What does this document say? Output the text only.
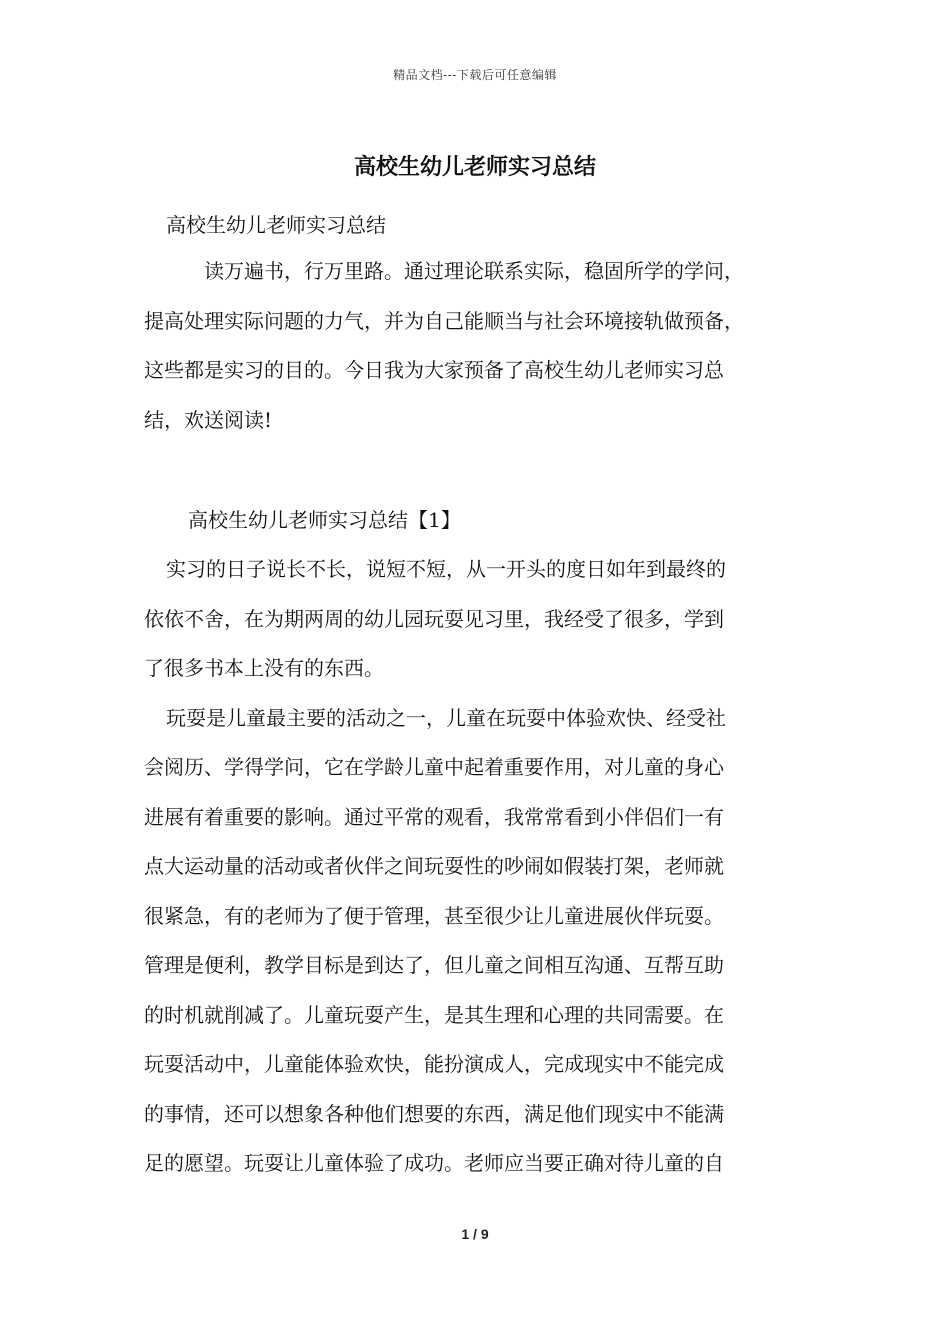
精品文档---下载后可任意编辑
高校生幼儿老师实习总结
高校生幼儿老师实习总结
读万遍书，行万里路。通过理论联系实际，稳固所学的学问，
提高处理实际问题的力气，并为自己能顺当与社会环境接轨做预备，
这些都是实习的目的。今日我为大家预备了高校生幼儿老师实习总
结，欢送阅读!
高校生幼儿老师实习总结【1】
实习的日子说长不长，说短不短，从一开头的度日如年到最终的
依依不舍，在为期两周的幼儿园玩耍见习里，我经受了很多，学到
了很多书本上没有的东西。
玩耍是儿童最主要的活动之一，儿童在玩耍中体验欢快、经受社
会阅历、学得学问，它在学龄儿童中起着重要作用，对儿童的身心
进展有着重要的影响。通过平常的观看，我常常看到小伴侣们一有
点大运动量的活动或者伙伴之间玩耍性的吵闹如假装打架，老师就
很紧急，有的老师为了便于管理，甚至很少让儿童进展伙伴玩耍。
管理是便利，教学目标是到达了，但儿童之间相互沟通、互帮互助
的时机就削减了。儿童玩耍产生，是其生理和心理的共同需要。在
玩耍活动中，儿童能体验欢快，能扮演成人，完成现实中不能完成
的事情，还可以想象各种他们想要的东西，满足他们现实中不能满
足的愿望。玩耍让儿童体验了成功。老师应当要正确对待儿童的自
1 / 9
